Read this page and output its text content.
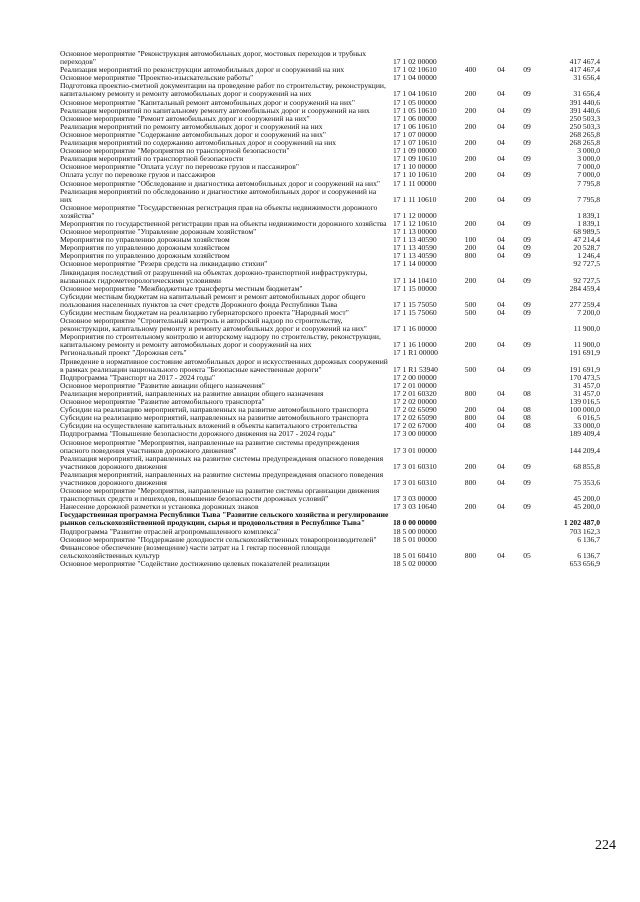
Основное мероприятие "Реконструкция автомобильных дорог, мостовых переходов и трубных переходов"	17 1 02 00000	417 467,4
Реализация мероприятий по реконструкции автомобильных дорог и сооружений на них	17 1 02 10610	400	04	09	417 467,4
Основное мероприятие "Проектно-изыскательские работы"	17 1 04 00000	31 656,4
Подготовка проектно-сметной документации на проведение работ по строительству, реконструкции, капитальному ремонту и ремонту автомобильных дорог и сооружений на них	17 1 04 10610	200	04	09	31 656,4
Основное мероприятие "Капитальный ремонт автомобильных дорог и сооружений на них"	17 1 05 00000	391 440,6
Реализация мероприятий по капитальному ремонту автомобильных дорог и сооружений на них	17 1 05 10610	200	04	09	391 440,6
Основное мероприятие "Ремонт автомобильных дорог и сооружений на них"	17 1 06 00000	250 503,3
Реализация мероприятий по ремонту автомобильных дорог и сооружений на них	17 1 06 10610	200	04	09	250 503,3
Основное мероприятие "Содержание автомобильных дорог и сооружений на них"	17 1 07 00000	268 265,8
Реализация мероприятий по содержанию автомобильных дорог и сооружений на них	17 1 07 10610	200	04	09	268 265,8
Основное мероприятие "Мероприятия по транспортной безопасности"	17 1 09 00000	3 000,0
Реализация мероприятий по транспортной безопасности	17 1 09 10610	200	04	09	3 000,0
Основное мероприятие "Оплата услуг по перевозке грузов и пассажиров"	17 1 10 00000	7 000,0
Оплата услуг по перевозке грузов и пассажиров	17 1 10 10610	200	04	09	7 000,0
Основное мероприятие "Обследование и диагностика автомобильных дорог и сооружений на них"	17 1 11 00000	7 795,8
Реализация мероприятий по обследованию и диагностике автомобильных дорог и сооружений на них	17 1 11 10610	200	04	09	7 795,8
Основное мероприятие "Государственная регистрация прав на объекты недвижимости дорожного хозяйства"	17 1 12 00000	1 839,1
Мероприятия по государственной регистрации прав на объекты недвижимости дорожного хозяйства 17 1 12 10610	200	04	09	1 839,1
Основное мероприятие "Управление дорожным хозяйством"	17 1 13 00000	68 989,5
Мероприятия по управлению дорожным хозяйством	17 1 13 40590	100	04	09	47 214,4
Мероприятия по управлению дорожным хозяйством	17 1 13 40590	200	04	09	20 528,7
Мероприятия по управлению дорожным хозяйством	17 1 13 40590	800	04	09	1 246,4
Основное мероприятие "Резерв средств на ликвидацию стихии"	17 1 14 00000	92 727,5
Ликвидация последствий от разрушений на объектах дорожно-транспортной инфраструктуры, вызванных гидрометеорологическими условиями	17 1 14 10410	200	04	09	92 727,5
Основное мероприятие "Межбюджетные трансферты местным бюджетам"	17 1 15 00000	284 459,4
Субсидии местным бюджетам на капитальный ремонт и ремонт автомобильных дорог общего пользования населенных пунктов за счет средств Дорожного фонда Республики Тыва	17 1 15 75050	500	04	09	277 259,4
Субсидии местным бюджетам на реализацию губернаторского проекта "Народный мост"	17 1 15 75060	500	04	09	7 200,0
Основное мероприятие "Строительный контроль и авторский надзор по строительству, реконструкции, капитальному ремонту и ремонту автомобильных дорог и сооружений на них"	17 1 16 00000	11 900,0
Мероприятия по строительному контролю и авторскому надзору по строительству, реконструкции, капитальному ремонту и ремонту автомобильных дорог и сооружений на них	17 1 16 10000	200	04	09	11 900,0
Региональный проект "Дорожная сеть"	17 1 R1 00000	191 691,9
Приведение в нормативное состояние автомобильных дорог и искусственных дорожных сооружений в рамках реализации национального проекта "Безопасные качественные дороги"	17 1 R1 53940	500	04	09	191 691,9
Подпрограмма "Транспорт на 2017 - 2024 годы"	17 2 00 00000	170 473,5
Основное мероприятие "Развитие авиации общего назначения"	17 2 01 00000	31 457,0
Реализация мероприятий, направленных на развитие авиации общего назначения	17 2 01 60320	800	04	08	31 457,0
Основное мероприятие "Развитие автомобильного транспорта"	17 2 02 00000	139 016,5
Субсидии на реализацию мероприятий, направленных на развитие автомобильного транспорта	17 2 02 65090	200	04	08	100 000,0
Субсидии на реализацию мероприятий, направленных на развитие автомобильного транспорта	17 2 02 65090	800	04	08	6 016,5
Субсидии на осуществление капитальных вложений в объекты капитального строительства	17 2 02 67000	400	04	08	33 000,0
Подпрограмма "Повышение безопасности дорожного движения на 2017 - 2024 годы"	17 3 00 00000	189 409,4
Основное мероприятие "Мероприятия, направленные на развитие системы предупреждения опасного поведения участников дорожного движения"	17 3 01 00000	144 209,4
Реализация мероприятий, направленных на развитие системы предупреждения опасного поведения участников дорожного движения	17 3 01 60310	200	04	09	68 855,8
Реализация мероприятий, направленных на развитие системы предупреждения опасного поведения участников дорожного движения	17 3 01 60310	800	04	09	75 353,6
Основное мероприятие "Мероприятия, направленные на развитие системы организации движения транспортных средств и пешеходов, повышение безопасности дорожных условий"	17 3 03 00000	45 200,0
Нанесение дорожной разметки и установка дорожных знаков	17 3 03 10640	200	04	09	45 200,0
Государственная программа Республики Тыва "Развитие сельского хозяйства и регулирование рынков сельскохозяйственной продукции, сырья и продовольствия в Республике Тыва"	18 0 00 00000	1 202 487,0
Подпрограмма "Развитие отраслей агропромышленного комплекса"	18 5 00 00000	703 162,3
Основное мероприятие "Поддержание доходности сельскохозяйственных товаропроизводителей"	18 5 01 00000	6 136,7
Финансовое обеспечение (возмещение) части затрат на 1 гектар посевной площади сельскохозяйственных культур	18 5 01 60410	800	04	05	6 136,7
Основное мероприятие "Содействие достижению целевых показателей реализации	18 5 02 00000	653 656,9
224
